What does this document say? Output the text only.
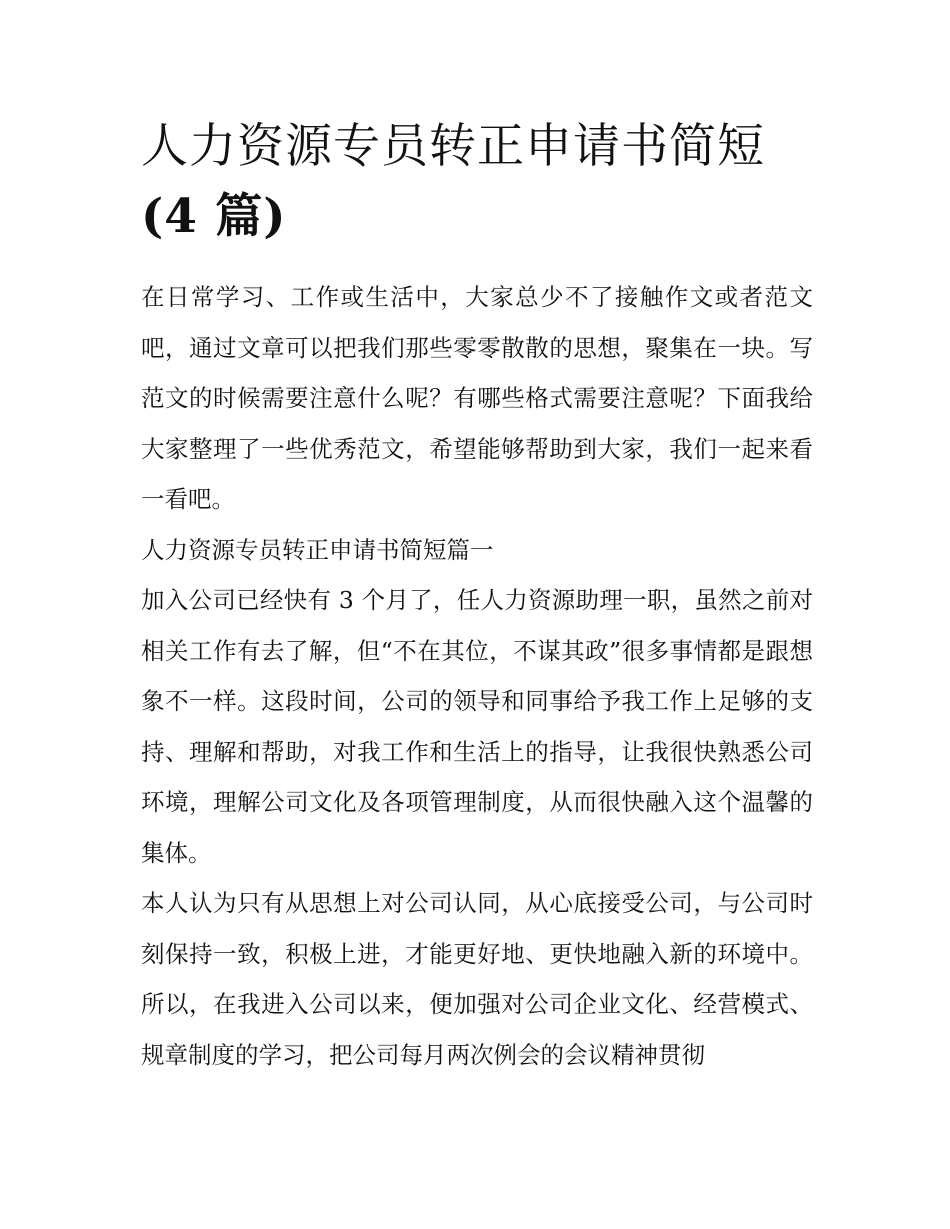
人力资源专员转正申请书简短
(4 篇)

在日常学习、工作或生活中，大家总少不了接触作文或者范文吧，通过文章可以把我们那些零零散散的思想，聚集在一块。写范文的时候需要注意什么呢？有哪些格式需要注意呢？下面我给大家整理了一些优秀范文，希望能够帮助到大家，我们一起来看一看吧。

人力资源专员转正申请书简短篇一

加入公司已经快有 3 个月了，任人力资源助理一职，虽然之前对相关工作有去了解，但“不在其位，不谋其政”很多事情都是跟想象不一样。这段时间，公司的领导和同事给予我工作上足够的支持、理解和帮助，对我工作和生活上的指导，让我很快熟悉公司环境，理解公司文化及各项管理制度，从而很快融入这个温馨的集体。

本人认为只有从思想上对公司认同，从心底接受公司，与公司时刻保持一致，积极上进，才能更好地、更快地融入新的环境中。所以，在我进入公司以来，便加强对公司企业文化、经营模式、规章制度的学习，把公司每月两次例会的会议精神贯彻
